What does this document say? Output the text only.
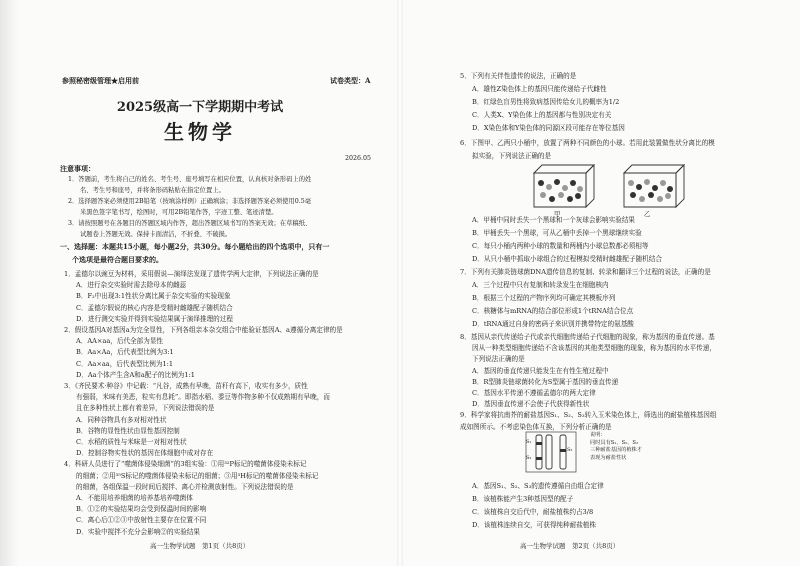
参照秘密级管理★启用前	试卷类型：A
2025级高一下学期期中考试
生物学
2026.05
注意事项：
1．答题前，考生将自己的姓名、考生号、座号填写在相应位置，认真核对条形码上的姓
名、考生号和座号，并将条形码粘贴在指定位置上。
2．选择题答案必须使用2B铅笔（按填涂样例）正确填涂；非选择题答案必须使用0.5毫
米黑色签字笔书写，绘图时，可用2B铅笔作答，字迹工整、笔迹清楚。
3．请按照题号在各题目的答题区域内作答，超出答题区域书写的答案无效；在草稿纸、
试题卷上答题无效。保持卡面清洁，不折叠、不破损。
一、选择题：本题共15小题，每小题2分，共30分。每小题给出的四个选项中，只有一
个选项是最符合题目要求的。
1．孟德尔以豌豆为材料，采用假说—演绎法发现了遗传学两大定律，下列说法正确的是
A．进行杂交实验时需去除母本的雌蕊
B．F₂中出现3:1性状分离比属于杂交实验的实验现象
C．孟德尔假说的核心内容是受精时雌雄配子随机结合
D．进行测交实验并得到实验结果属于演绎推理的过程
2．假设基因A对基因a为完全显性，下列各组亲本杂交组合中能验证基因A、a遵循分离定律的是
A．AA×aa，后代全部为显性
B．Aa×Aa，后代表型比例为3:1
C．Aa×aa，后代表型比例为1:1
D．Aa个体产生含A和a配子的比例为1:1
3．《齐民要术·种谷》中记载：“凡谷，成熟有早晚，苗秆有高下，收实有多少，质性
有强弱，米味有美恶，粒实有息耗”。即指水稻、黍豆等作物多种不仅成熟期有早晚，而
且在多种性状上都有着差异，下列说法错误的是
A．同种谷物具有多对相对性状
B．谷物的显性性状由显性基因控制
C．水稻的质性与米味是一对相对性状
D．控制谷物实性状的基因在体细胞中成对存在
4．科研人员进行了“噬菌体侵染细菌”的3组实验：①用³²P标记的噬菌体侵染未标记
的细菌；②用³⁵S标记的噬菌体侵染未标记的细菌；③用³H标记的噬菌体侵染未标记
的细菌，各组保温一段时间后搅拌、离心并检测放射性。下列说法错误的是
A．不能用培养细菌的培养基培养噬菌体
B．①②的实验结果均会受到保温时间的影响
C．离心后①②③中放射性主要存在位置不同
D．实验中搅拌不充分会影响②的实验结果
高一生物学试题　第1页（共8页）
5．下列有关伴性遗传的说法，正确的是
A．雄性Z染色体上的基因只能传递给子代雌性
B．红绿色盲男性将致病基因传给女儿的概率为1/2
C．人类X、Y染色体上的基因都与性别决定有关
D．X染色体和Y染色体的同源区段可能存在等位基因
6．下图甲、乙两只小桶中，放置了两种不同颜色的小球。若用此装置做性状分离比的模
拟实验，下列说法正确的是
A．甲桶中同时丢失一个黑球和一个灰球会影响实验结果
B．甲桶丢失一个黑球，可从乙桶中丢掉一个黑球继续实验
C．每只小桶内两种小球的数量和两桶内小球总数都必须相等
D．从只小桶中抓取小球组合的过程模拟受精时雌雄配子随机结合
7．下列有关肺炎链球菌DNA遗传信息的复制、转录和翻译三个过程的说法，正确的是
A．三个过程中只有复制和转录发生在细胞核内
B．根据三个过程的产物序列均可确定其模板序列
C．核糖体与mRNA的结合部位形成1个tRNA结合位点
D．tRNA通过自身的密码子来识别并携带特定的氨基酸
8．基因从亲代传递给子代或亲代细胞传递给子代细胞的现象，称为基因的垂直传递。基
因从一种类型细胞传递给不含该基因的其他类型细胞的现象，称为基因的水平传递，
下列说法正确的是
A．基因的垂直传递只能发生在有性生殖过程中
B．R型肺炎链球菌转化为S型属于基因的垂直传递
C．基因水平传递不遵循孟德尔的两大定律
D．基因垂直传递不会使子代获得新性状
9．科学家将抗南芥的耐盐基因S₁、S₂、S₃转入玉米染色体上，筛选出的耐盐植株基因组
成如图所示。不考虑染色体互换，下列分析正确的是
A．基因S₁、S₂、S₃的遗传遵循自由组合定律
B．该植株能产生3种基因型的配子
C．该植株自交后代中，耐盐植株约占3/8
D．该植株连续自交，可获得纯种耐盐植株
甲	乙
S₁
S₂
S₃
说明：
同时具有S₁、S₂、S₃
三种耐盐基因的植株才
表现为耐盐性状
高一生物学试题　第2页（共8页）
